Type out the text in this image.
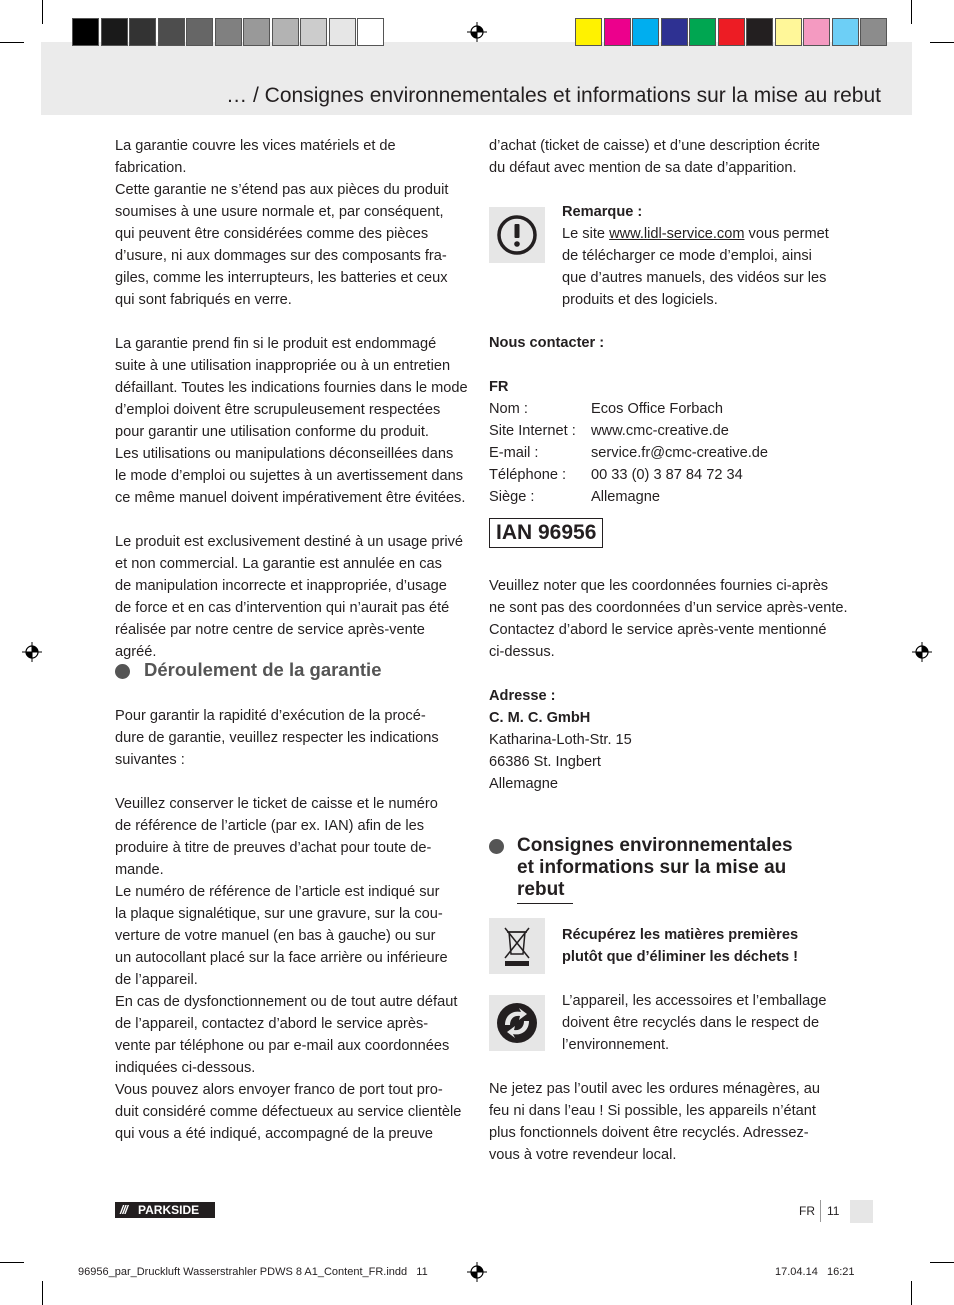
… / Consignes environnementales et informations sur la mise au rebut

La garantie couvre les vices matériels et de fabrication.
Cette garantie ne s’étend pas aux pièces du produit
soumises à une usure normale et, par conséquent,
qui peuvent être considérées comme des pièces
d’usure, ni aux dommages sur des composants fra-
giles, comme les interrupteurs, les batteries et ceux
qui sont fabriqués en verre.

La garantie prend fin si le produit est endommagé
suite à une utilisation inappropriée ou à un entretien
défaillant. Toutes les indications fournies dans le mode
d’emploi doivent être scrupuleusement respectées
pour garantir une utilisation conforme du produit.
Les utilisations ou manipulations déconseillées dans
le mode d’emploi ou sujettes à un avertissement dans
ce même manuel doivent impérativement être évitées.

Le produit est exclusivement destiné à un usage privé
et non commercial. La garantie est annulée en cas
de manipulation incorrecte et inappropriée, d’usage
de force et en cas d’intervention qui n’aurait pas été
réalisée par notre centre de service après-vente agréé.

Déroulement de la garantie

Pour garantir la rapidité d’exécution de la procé-
dure de garantie, veuillez respecter les indications
suivantes :

Veuillez conserver le ticket de caisse et le numéro
de référence de l’article (par ex. IAN) afin de les
produire à titre de preuves d’achat pour toute de-
mande.
Le numéro de référence de l’article est indiqué sur
la plaque signalétique, sur une gravure, sur la cou-
verture de votre manuel (en bas à gauche) ou sur
un autocollant placé sur la face arrière ou inférieure
de l’appareil.
En cas de dysfonctionnement ou de tout autre défaut
de l’appareil, contactez d’abord le service après-
vente par téléphone ou par e-mail aux coordonnées
indiquées ci-dessous.
Vous pouvez alors envoyer franco de port tout pro-
duit considéré comme défectueux au service clientèle
qui vous a été indiqué, accompagné de la preuve

d’achat (ticket de caisse) et d’une description écrite
du défaut avec mention de sa date d’apparition.

Remarque :

Le site www.lidl-service.com vous permet
de télécharger ce mode d’emploi, ainsi
que d’autres manuels, des vidéos sur les
produits et des logiciels.

Nous contacter :

FR

Nom :	Ecos Office Forbach
Site Internet :	www.cmc-creative.de
E-mail :	service.fr@cmc-creative.de
Téléphone :	00 33 (0) 3 87 84 72 34
Siège :	Allemagne
IAN 96956

Veuillez noter que les coordonnées fournies ci-après
ne sont pas des coordonnées d’un service après-vente.
Contactez d’abord le service après-vente mentionné
ci-dessus.

Adresse :

C. M. C. GmbH

Katharina-Loth-Str. 15
66386 St. Ingbert
Allemagne

Consignes environnementales
et informations sur la mise au
rebut

Récupérez les matières premières
plutôt que d’éliminer les déchets !

L’appareil, les accessoires et l’emballage
doivent être recyclés dans le respect de
l’environnement.

Ne jetez pas l’outil avec les ordures ménagères, au
feu ni dans l’eau ! Si possible, les appareils n’étant
plus fonctionnels doivent être recyclés. Adressez-
vous à votre revendeur local.

/// PARKSIDE	FR 11
96956_par_Druckluft Wasserstrahler PDWS 8 A1_Content_FR.indd   11	17.04.14   16:21
